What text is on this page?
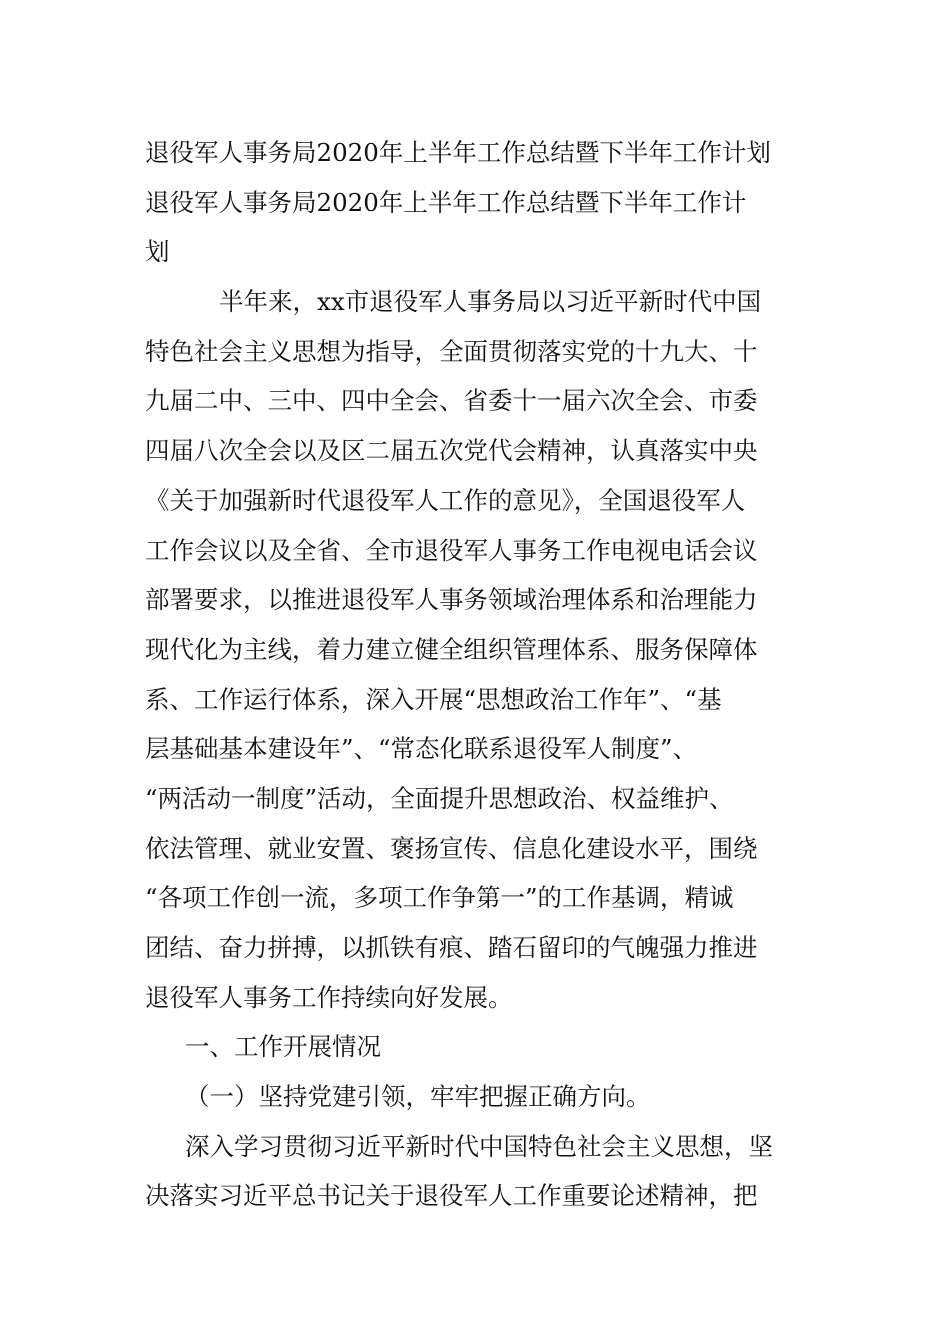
退役军人事务局2020年上半年工作总结暨下半年工作计划
退役军人事务局2020年上半年工作总结暨下半年工作计
划
半年来，xx市退役军人事务局以习近平新时代中国
特色社会主义思想为指导，全面贯彻落实党的十九大、十
九届二中、三中、四中全会、省委十一届六次全会、市委
四届八次全会以及区二届五次党代会精神，认真落实中央
《关于加强新时代退役军人工作的意见》，全国退役军人
工作会议以及全省、全市退役军人事务工作电视电话会议
部署要求，以推进退役军人事务领域治理体系和治理能力
现代化为主线，着力建立健全组织管理体系、服务保障体
系、工作运行体系，深入开展“思想政治工作年”、“基
层基础基本建设年”、“常态化联系退役军人制度”、
“两活动一制度”活动，全面提升思想政治、权益维护、
依法管理、就业安置、褒扬宣传、信息化建设水平，围绕
“各项工作创一流，多项工作争第一”的工作基调，精诚
团结、奋力拼搏，以抓铁有痕、踏石留印的气魄强力推进
退役军人事务工作持续向好发展。
一、工作开展情况
（一）坚持党建引领，牢牢把握正确方向。
深入学习贯彻习近平新时代中国特色社会主义思想，坚
决落实习近平总书记关于退役军人工作重要论述精神，把
